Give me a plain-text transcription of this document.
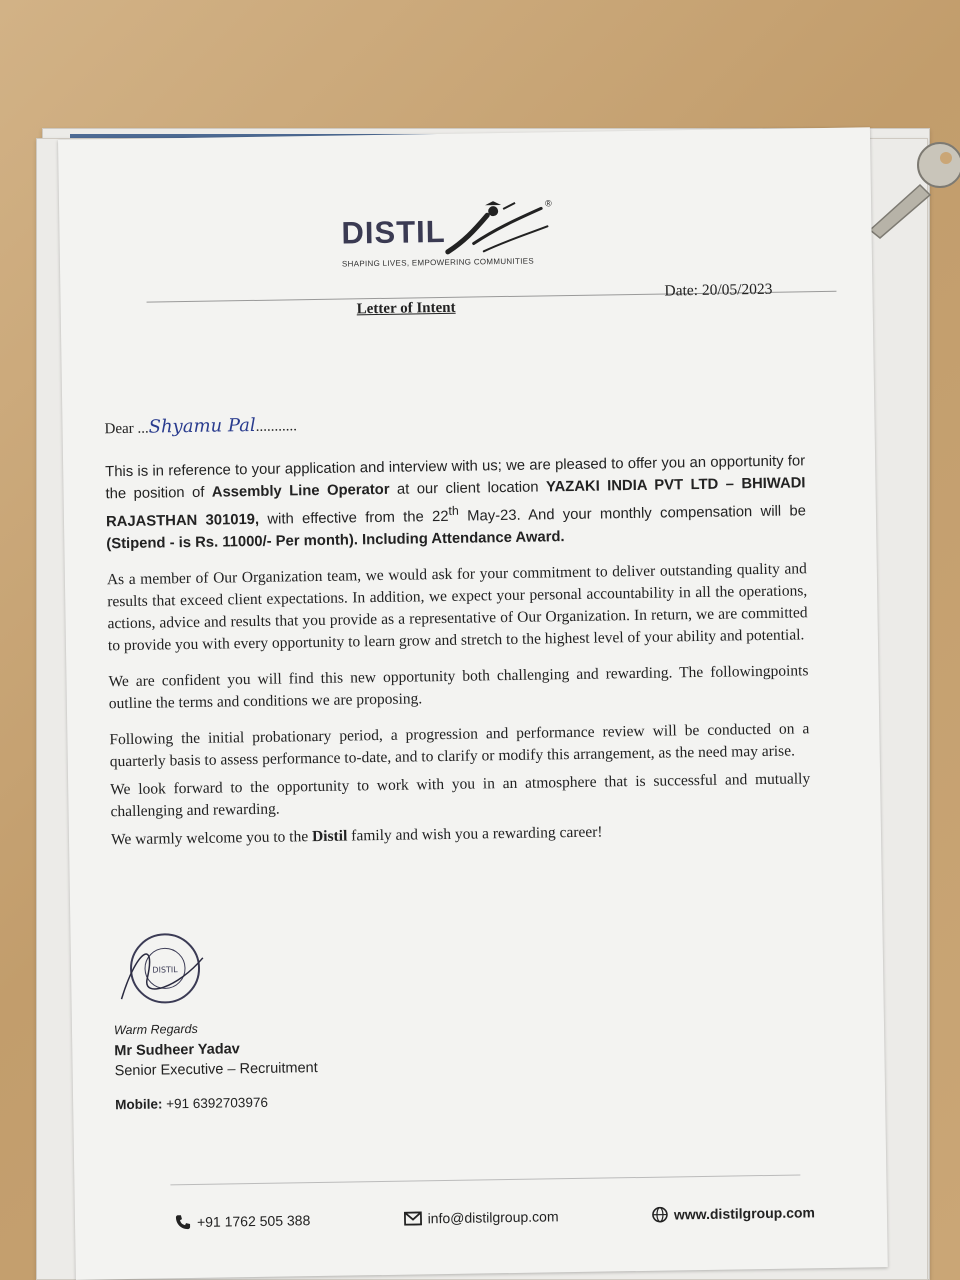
DISTIL
®
SHAPING LIVES, EMPOWERING COMMUNITIES
Letter of Intent
Date: 20/05/2023
Dear ...Shyamu Pal...........

This is in reference to your application and interview with us; we are pleased to offer you an opportunity for the position of Assembly Line Operator at our client location YAZAKI INDIA PVT LTD – BHIWADI RAJASTHAN 301019, with effective from the 22th May-23. And your monthly compensation will be (Stipend - is Rs. 11000/- Per month). Including Attendance Award.

As a member of Our Organization team, we would ask for your commitment to deliver outstanding quality and results that exceed client expectations. In addition, we expect your personal accountability in all the operations, actions, advice and results that you provide as a representative of Our Organization. In return, we are committed to provide you with every opportunity to learn grow and stretch to the highest level of your ability and potential.

We are confident you will find this new opportunity both challenging and rewarding. The followingpoints outline the terms and conditions we are proposing.

Following the initial probationary period, a progression and performance review will be conducted on a quarterly basis to assess performance to-date, and to clarify or modify this arrangement, as the need may arise.

We look forward to the opportunity to work with you in an atmosphere that is successful and mutually challenging and rewarding.

We warmly welcome you to the Distil family and wish you a rewarding career!

DISTIL
Warm Regards
Mr Sudheer Yadav
Senior Executive – Recruitment
Mobile: +91 6392703976
+91 1762 505 388	info@distilgroup.com	www.distilgroup.com
